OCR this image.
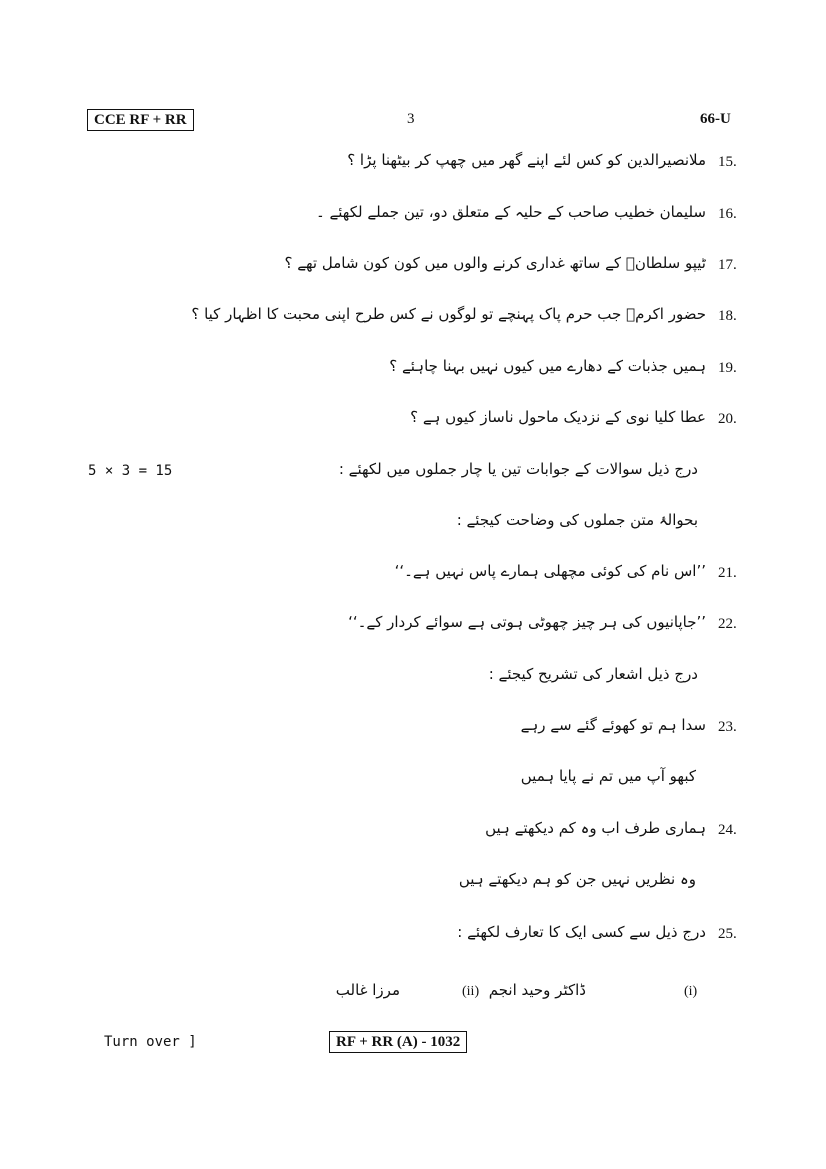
CCE RF + RR	3	66-U
15.
ملانصیرالدین کو کس لئے اپنے گھر میں چھپ کر بیٹھنا پڑا ؟
16.
سلیمان خطیب صاحب کے حلیہ کے متعلق دو، تین جملے لکھئے ۔
17.
ٹیپو سلطانؒ کے ساتھ غداری کرنے والوں میں کون کون شامل تھے ؟
18.
حضور اکرمؐ جب حرم پاک پہنچے تو لوگوں نے کس طرح اپنی محبت کا اظہار کیا ؟
19.
ہمیں جذبات کے دھارے میں کیوں نہیں بہنا چاہئے ؟
20.
عطا کلیا نوی کے نزدیک ماحول ناساز کیوں ہے ؟
5 × 3 = 15	درج ذیل سوالات کے جوابات تین یا چار جملوں میں لکھئے :
بحوالۂ متن جملوں کی وضاحت کیجئے :
21.
’’اس نام کی کوئی مچھلی ہمارے پاس نہیں ہے۔‘‘
22.
’’جاپانیوں کی ہر چیز چھوٹی ہوتی ہے سوائے کردار کے۔‘‘
درج ذیل اشعار کی تشریح کیجئے :
23.
سدا ہم تو کھوئے گئے سے رہے
کبھو آپ میں تم نے پایا ہمیں
24.
ہماری طرف اب وہ کم دیکھتے ہیں
وہ نظریں نہیں جن کو ہم دیکھتے ہیں
25.
درج ذیل سے کسی ایک کا تعارف لکھئے :
(i)
ڈاکٹر وحید انجم
(ii)
مرزا غالب
Turn over ]	RF + RR (A) - 1032
